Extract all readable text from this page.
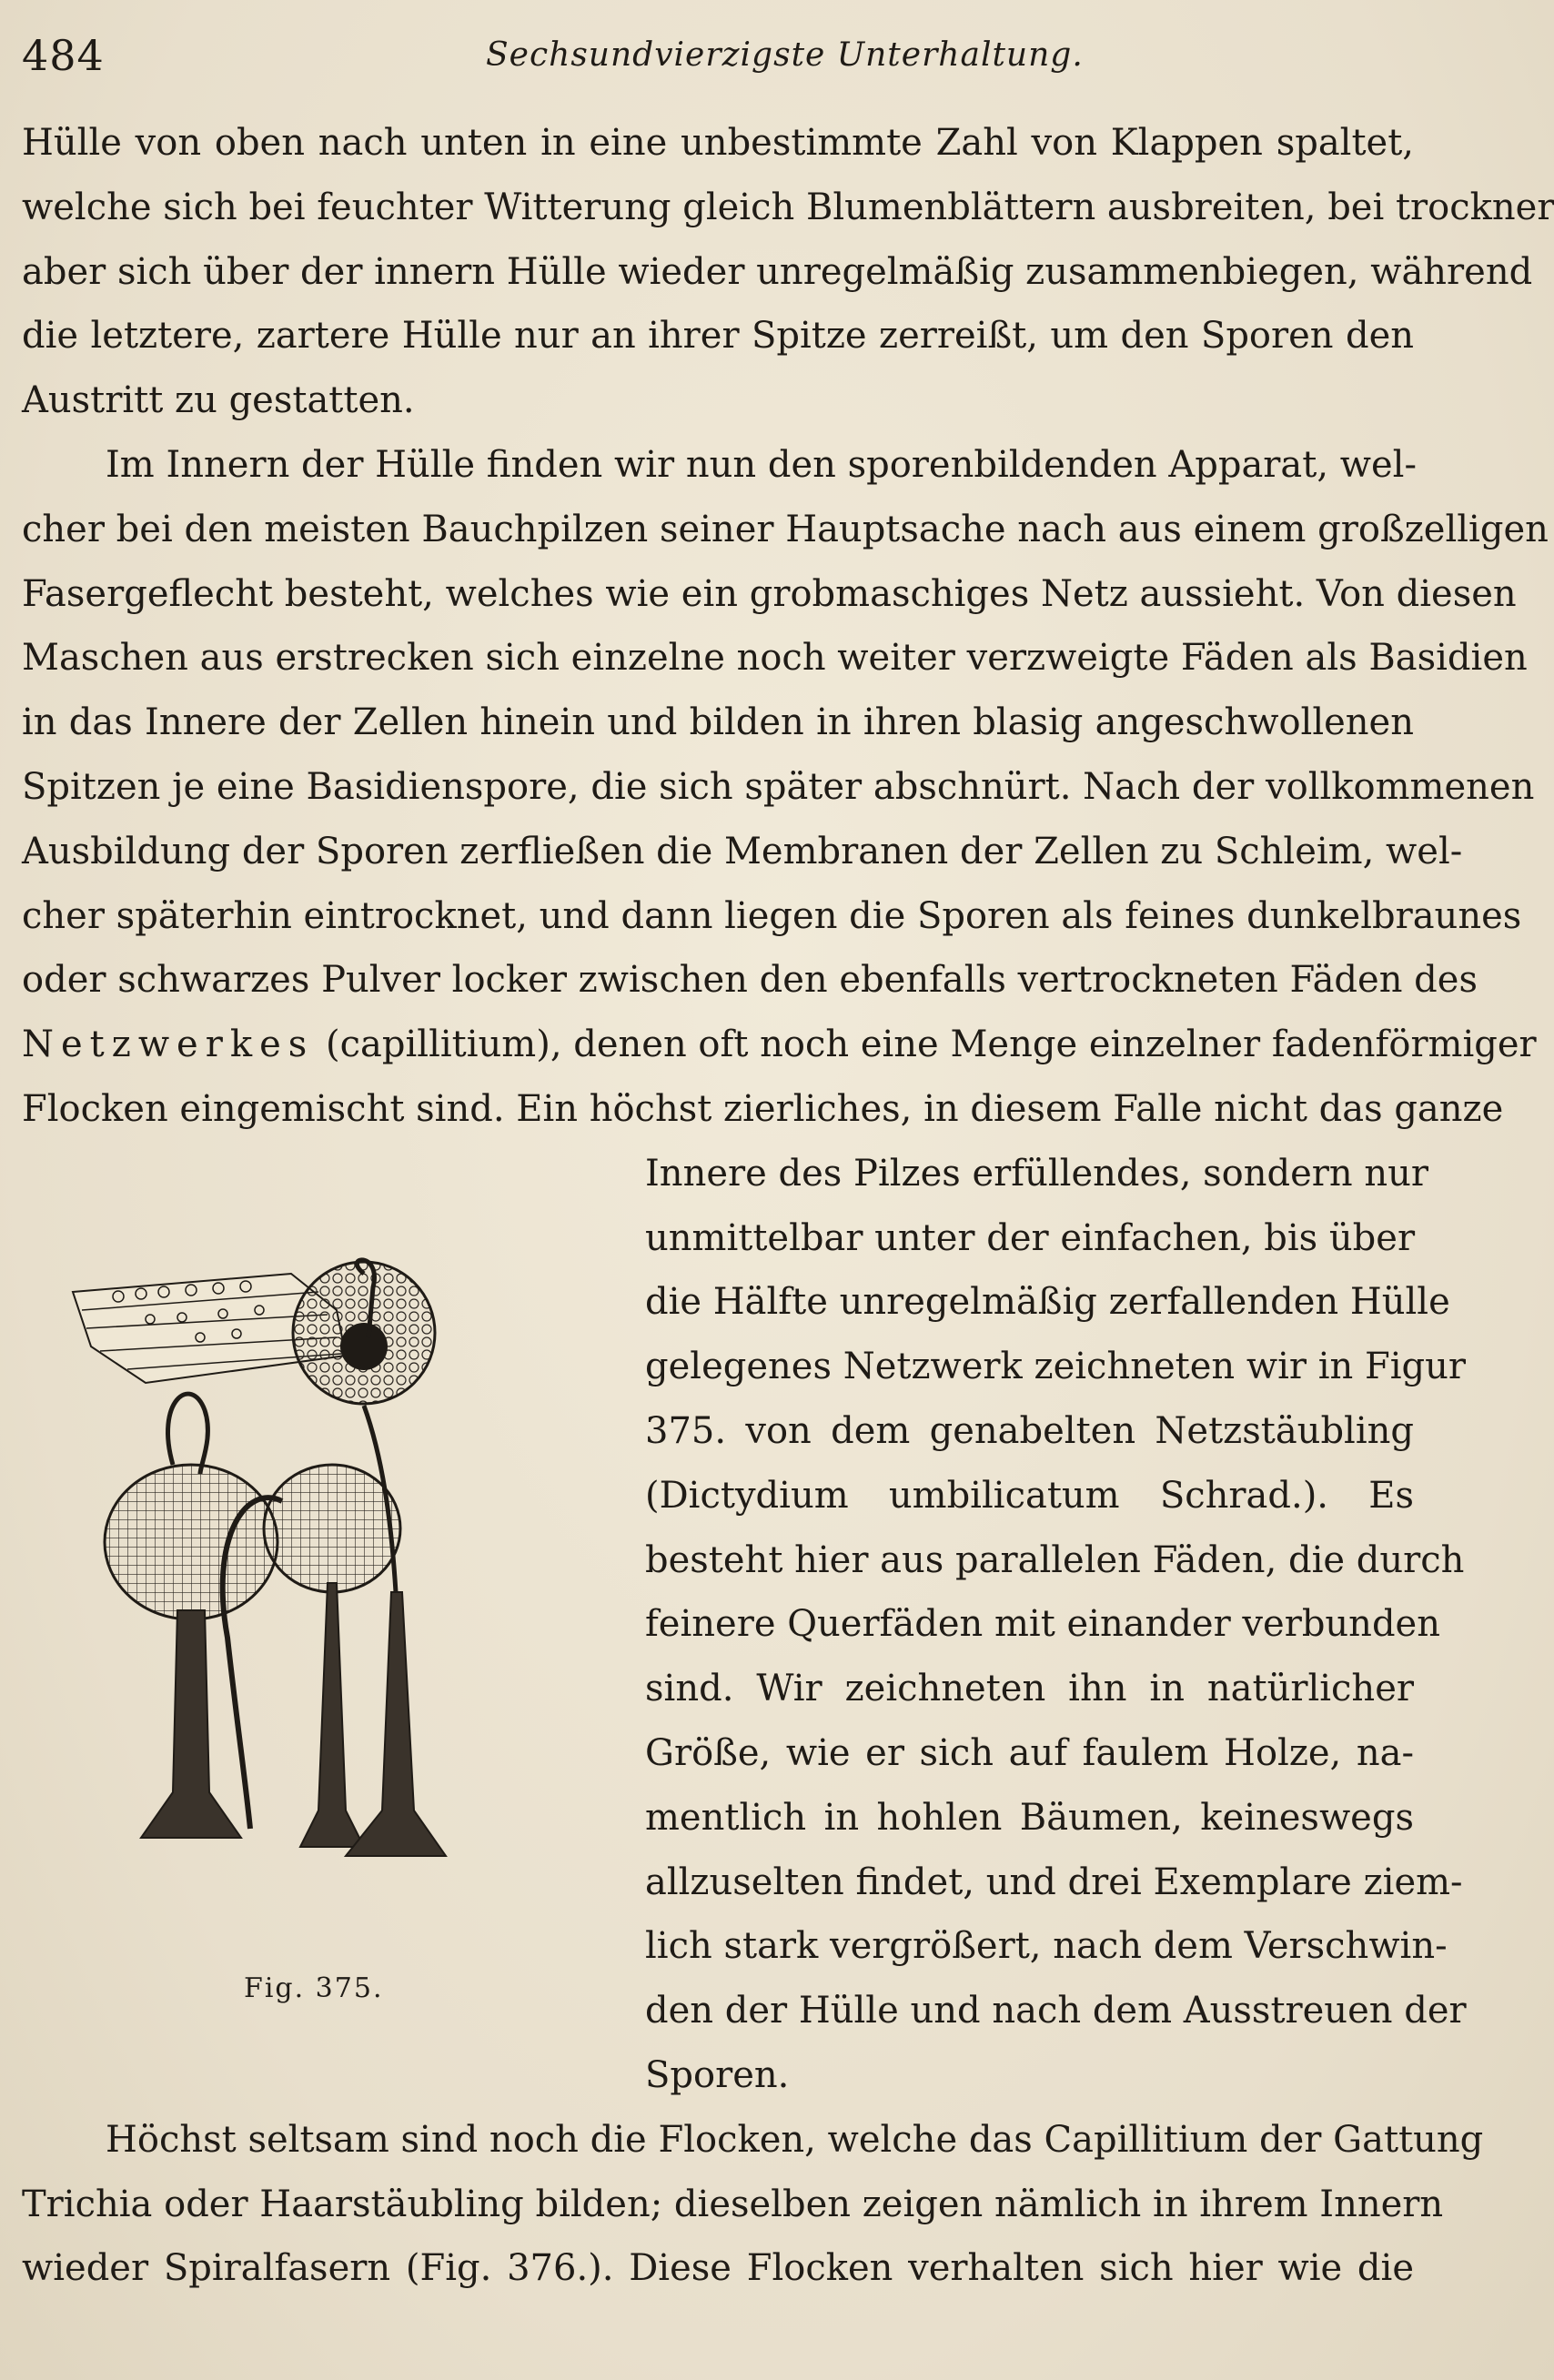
484	Sechsundvierzigste Unterhaltung.
Hülle von oben nach unten in eine unbestimmte Zahl von Klappen spaltet,
welche sich bei feuchter Witterung gleich Blumenblättern ausbreiten, bei trockner
aber sich über der innern Hülle wieder unregelmäßig zusammenbiegen, während
die letztere, zartere Hülle nur an ihrer Spitze zerreißt, um den Sporen den
Austritt zu gestatten.
Im Innern der Hülle finden wir nun den sporenbildenden Apparat, wel-
cher bei den meisten Bauchpilzen seiner Hauptsache nach aus einem großzelligen
Fasergeflecht besteht, welches wie ein grobmaschiges Netz aussieht. Von diesen
Maschen aus erstrecken sich einzelne noch weiter verzweigte Fäden als Basidien
in das Innere der Zellen hinein und bilden in ihren blasig angeschwollenen
Spitzen je eine Basidienspore, die sich später abschnürt. Nach der vollkommenen
Ausbildung der Sporen zerfließen die Membranen der Zellen zu Schleim, wel-
cher späterhin eintrocknet, und dann liegen die Sporen als feines dunkelbraunes
oder schwarzes Pulver locker zwischen den ebenfalls vertrockneten Fäden des
Netzwerkes (capillitium), denen oft noch eine Menge einzelner fadenförmiger
Flocken eingemischt sind. Ein höchst zierliches, in diesem Falle nicht das ganze
Innere des Pilzes erfüllendes, sondern nur
unmittelbar unter der einfachen, bis über
die Hälfte unregelmäßig zerfallenden Hülle
gelegenes Netzwerk zeichneten wir in Figur
375. von dem genabelten Netzstäubling
(Dictydium umbilicatum Schrad.). Es
besteht hier aus parallelen Fäden, die durch
feinere Querfäden mit einander verbunden
sind. Wir zeichneten ihn in natürlicher
Größe, wie er sich auf faulem Holze, na-
mentlich in hohlen Bäumen, keineswegs
allzuselten findet, und drei Exemplare ziem-
lich stark vergrößert, nach dem Verschwin-
den der Hülle und nach dem Ausstreuen der
Sporen.
Höchst seltsam sind noch die Flocken, welche das Capillitium der Gattung
Trichia oder Haarstäubling bilden; dieselben zeigen nämlich in ihrem Innern
wieder Spiralfasern (Fig. 376.). Diese Flocken verhalten sich hier wie die
Fig. 375.
